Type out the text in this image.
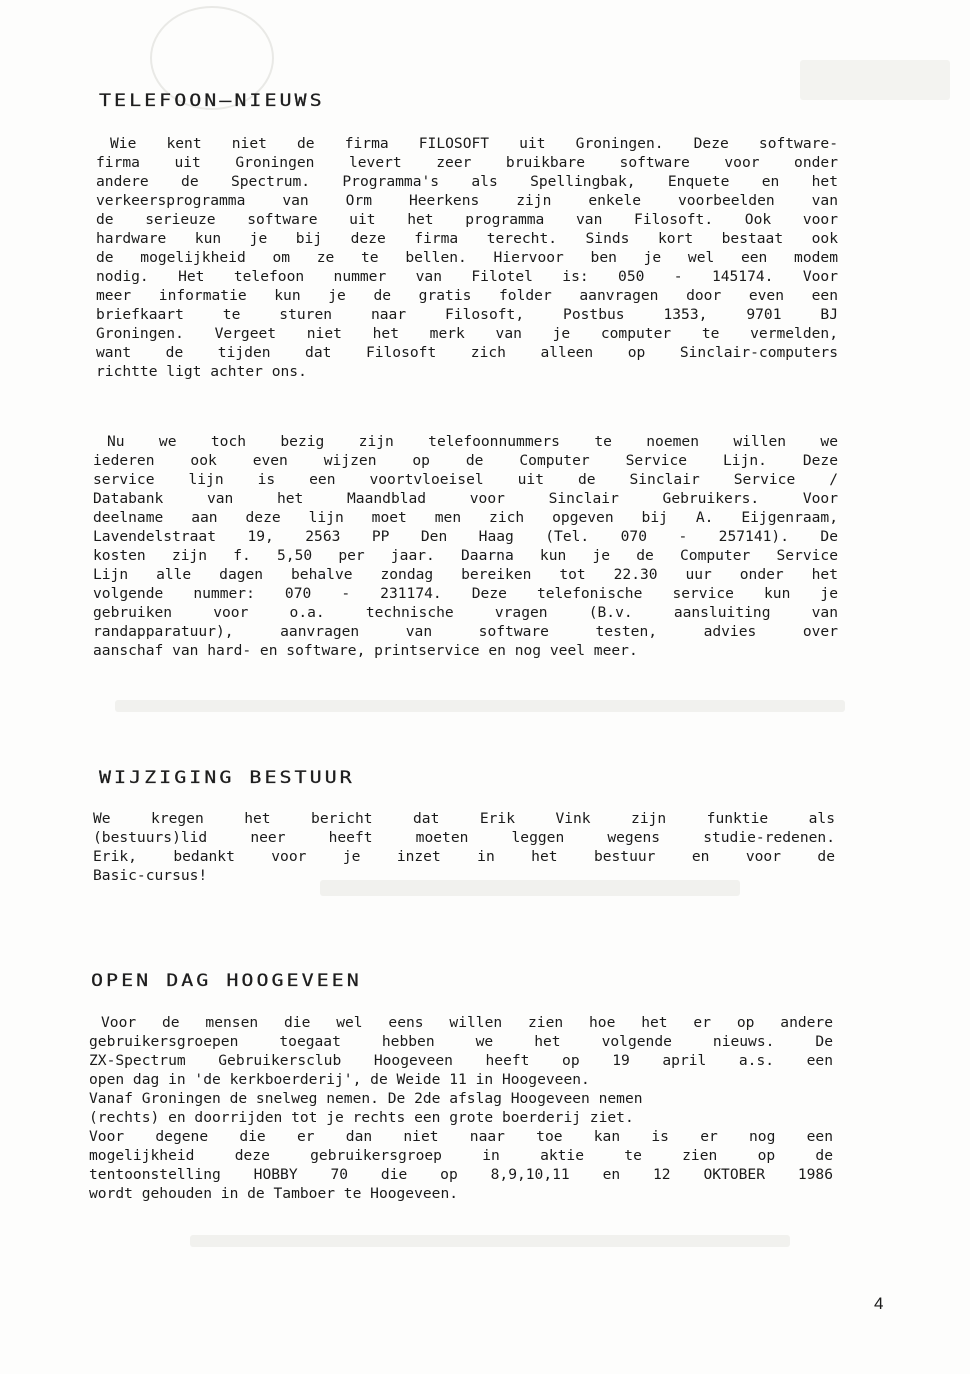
TELEFOON–NIEUWS
Wie kent niet de firma FILOSOFT uit Groningen. Deze software-
firma uit Groningen levert zeer bruikbare software voor onder
andere de Spectrum. Programma's als Spellingbak, Enquete en het
verkeersprogramma van Orm Heerkens zijn enkele voorbeelden van
de serieuze software uit het programma van Filosoft. Ook voor
hardware kun je bij deze firma terecht. Sinds kort bestaat ook
de mogelijkheid om ze te bellen. Hiervoor ben je wel een modem
nodig. Het telefoon nummer van Filotel is: 050 - 145174. Voor
meer informatie kun je de gratis folder aanvragen door even een
briefkaart te sturen naar Filosoft, Postbus 1353, 9701 BJ
Groningen. Vergeet niet het merk van je computer te vermelden,
want de tijden dat Filosoft zich alleen op Sinclair-computers
richtte ligt achter ons.
Nu we toch bezig zijn telefoonnummers te noemen willen we
iederen ook even wijzen op de Computer Service Lijn. Deze
service lijn is een voortvloeisel uit de Sinclair Service /
Databank van het Maandblad voor Sinclair Gebruikers. Voor
deelname aan deze lijn moet men zich opgeven bij A. Eijgenraam,
Lavendelstraat 19, 2563 PP Den Haag (Tel. 070 - 257141). De
kosten zijn f. 5,50 per jaar. Daarna kun je de Computer Service
Lijn alle dagen behalve zondag bereiken tot 22.30 uur onder het
volgende nummer: 070 - 231174. Deze telefonische service kun je
gebruiken voor o.a. technische vragen (B.v. aansluiting van
randapparatuur), aanvragen van software testen, advies over
aanschaf van hard- en software, printservice en nog veel meer.
WIJZIGING BESTUUR
We kregen het bericht dat Erik Vink zijn funktie als
(bestuurs)lid neer heeft moeten leggen wegens studie-redenen.
Erik, bedankt voor je inzet in het bestuur en voor de
Basic-cursus!
OPEN DAG HOOGEVEEN
Voor de mensen die wel eens willen zien hoe het er op andere
gebruikersgroepen toegaat hebben we het volgende nieuws. De
ZX-Spectrum Gebruikersclub Hoogeveen heeft op 19 april a.s. een
open dag in 'de kerkboerderij', de Weide 11 in Hoogeveen.
Vanaf Groningen de snelweg nemen. De 2de afslag Hoogeveen nemen
(rechts) en doorrijden tot je rechts een grote boerderij ziet.
Voor degene die er dan niet naar toe kan is er nog een
mogelijkheid deze gebruikersgroep in aktie te zien op de
tentoonstelling HOBBY 70 die op 8,9,10,11 en 12 OKTOBER 1986
wordt gehouden in de Tamboer te Hoogeveen.
4
